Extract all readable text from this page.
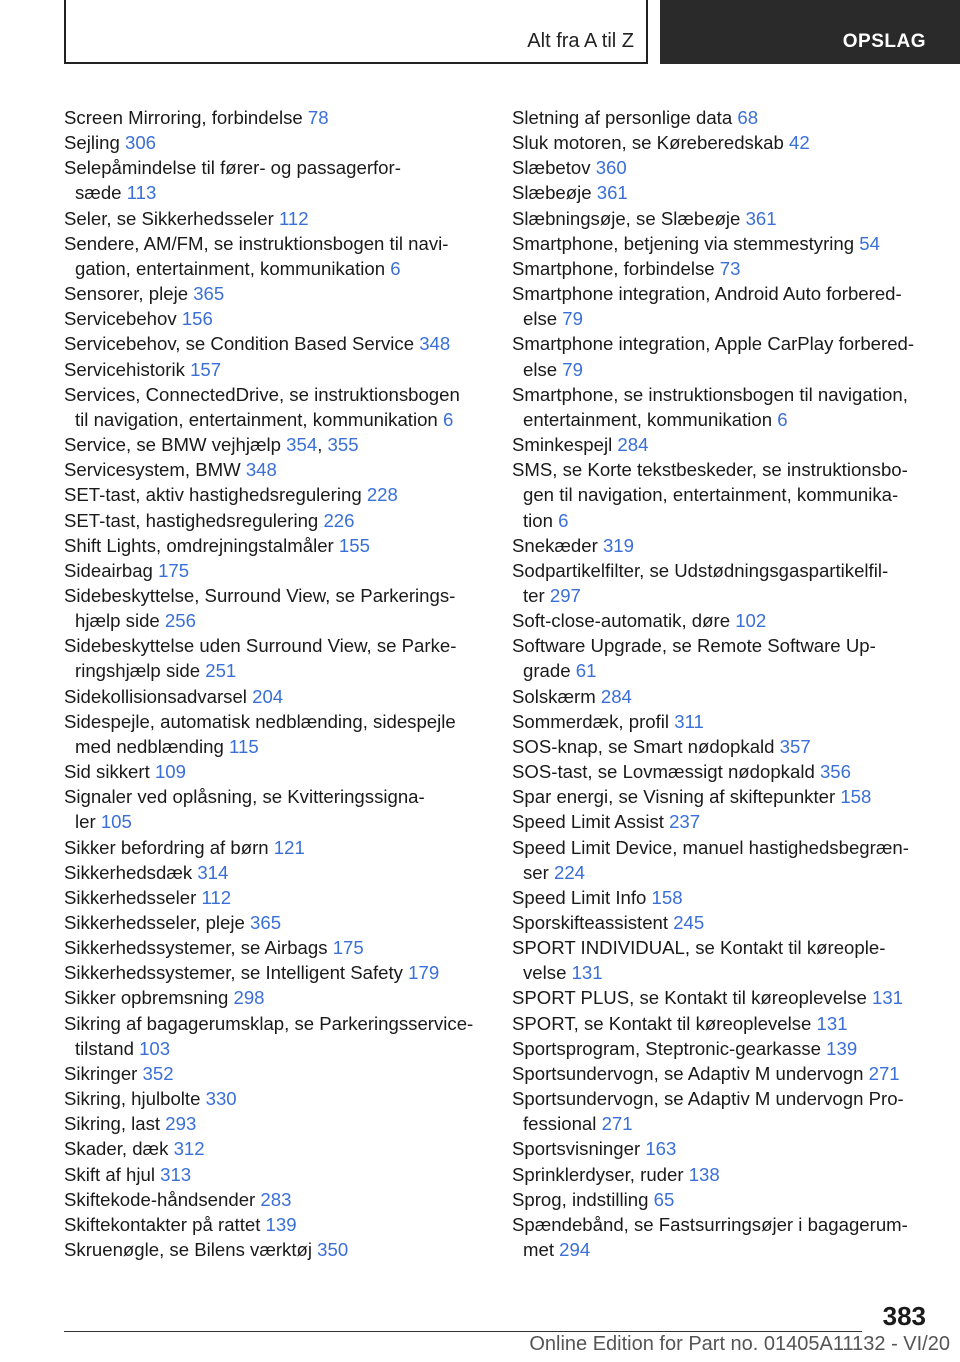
Alt fra A til Z	OPSLAG
Screen Mirroring, forbindelse 78
Sejling 306
Selepåmindelse til fører- og passagerfor-
sæde 113
Seler, se Sikkerhedsseler 112
Sendere, AM/FM, se instruktionsbogen til navi-
gation, entertainment, kommunikation 6
Sensorer, pleje 365
Servicebehov 156
Servicebehov, se Condition Based Service 348
Servicehistorik 157
Services, ConnectedDrive, se instruktionsbogen
til navigation, entertainment, kommunikation 6
Service, se BMW vejhjælp 354, 355
Servicesystem, BMW 348
SET-tast, aktiv hastighedsregulering 228
SET-tast, hastighedsregulering 226
Shift Lights, omdrejningstalmåler 155
Sideairbag 175
Sidebeskyttelse, Surround View, se Parkerings-
hjælp side 256
Sidebeskyttelse uden Surround View, se Parke-
ringshjælp side 251
Sidekollisionsadvarsel 204
Sidespejle, automatisk nedblænding, sidespejle
med nedblænding 115
Sid sikkert 109
Signaler ved oplåsning, se Kvitteringssigna-
ler 105
Sikker befordring af børn 121
Sikkerhedsdæk 314
Sikkerhedsseler 112
Sikkerhedsseler, pleje 365
Sikkerhedssystemer, se Airbags 175
Sikkerhedssystemer, se Intelligent Safety 179
Sikker opbremsning 298
Sikring af bagagerumsklap, se Parkeringsservice-
tilstand 103
Sikringer 352
Sikring, hjulbolte 330
Sikring, last 293
Skader, dæk 312
Skift af hjul 313
Skiftekode-håndsender 283
Skiftekontakter på rattet 139
Skruenøgle, se Bilens værktøj 350
Sletning af personlige data 68
Sluk motoren, se Kørеberedskab 42
Slæbetov 360
Slæbeøje 361
Slæbningsøje, se Slæbeøje 361
Smartphone, betjening via stemmestyring 54
Smartphone, forbindelse 73
Smartphone integration, Android Auto forbered-
else 79
Smartphone integration, Apple CarPlay forbered-
else 79
Smartphone, se instruktionsbogen til navigation,
entertainment, kommunikation 6
Sminkespejl 284
SMS, se Korte tekstbeskeder, se instruktionsbo-
gen til navigation, entertainment, kommunika-
tion 6
Snekæder 319
Sodpartikelfilter, se Udstødningsgaspartikelfil-
ter 297
Soft-close-automatik, døre 102
Software Upgrade, se Remote Software Up-
grade 61
Solskærm 284
Sommerdæk, profil 311
SOS-knap, se Smart nødopkald 357
SOS-tast, se Lovmæssigt nødopkald 356
Spar energi, se Visning af skiftepunkter 158
Speed Limit Assist 237
Speed Limit Device, manuel hastighedsbegræn-
ser 224
Speed Limit Info 158
Sporskifteassistent 245
SPORT INDIVIDUAL, se Kontakt til køreople-
velse 131
SPORT PLUS, se Kontakt til køreoplevelse 131
SPORT, se Kontakt til køreoplevelse 131
Sportsprogram, Steptronic-gearkasse 139
Sportsundervogn, se Adaptiv M undervogn 271
Sportsundervogn, se Adaptiv M undervogn Pro-
fessional 271
Sportsvisninger 163
Sprinklerdyser, ruder 138
Sprog, indstilling 65
Spændebånd, se Fastsurringsøjer i bagagerum-
met 294
383
Online Edition for Part no. 01405A11132 - VI/20
